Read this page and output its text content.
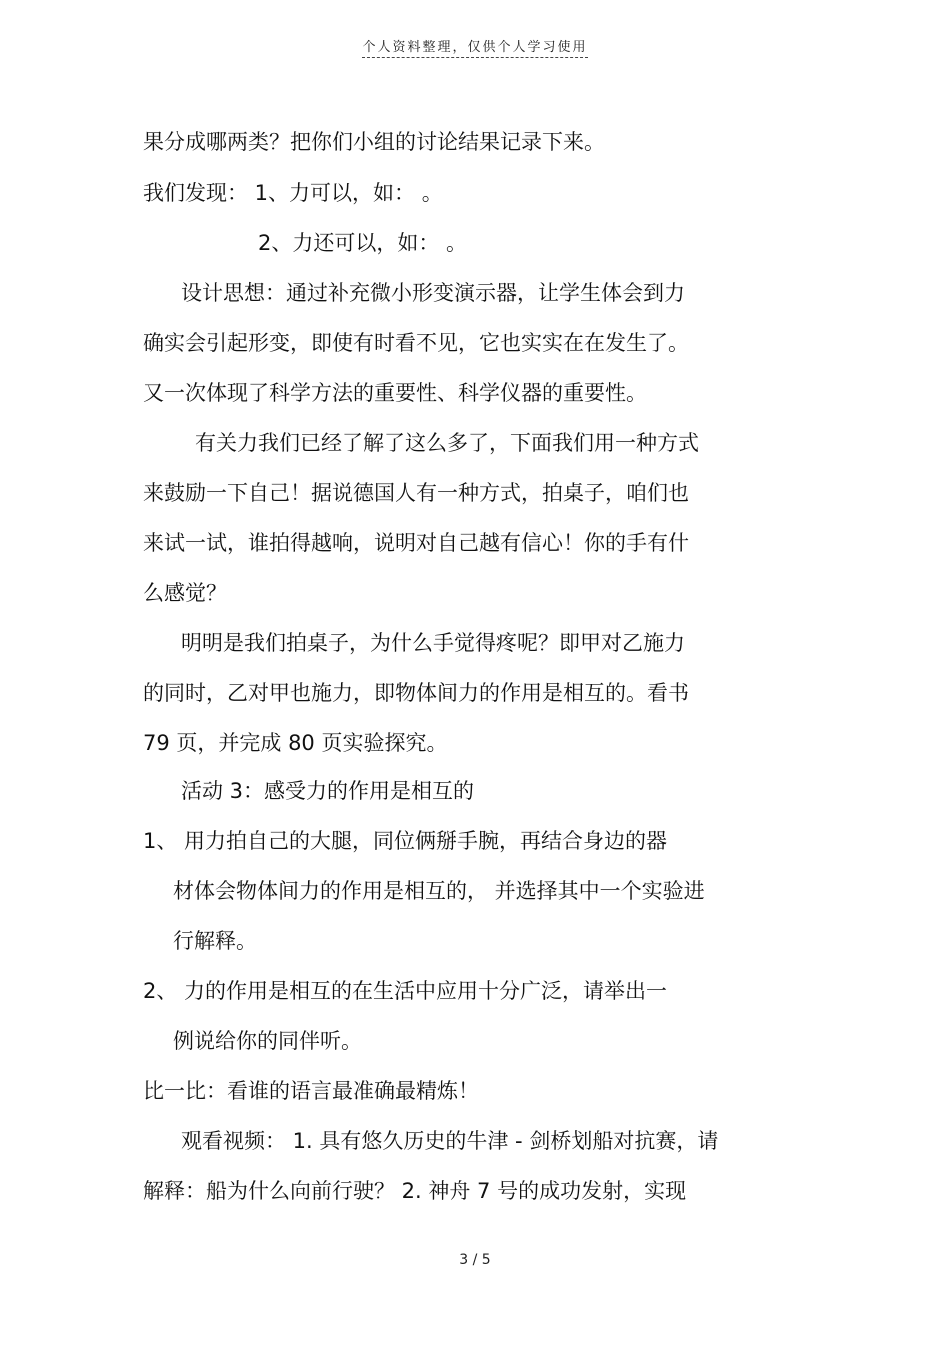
个人资料整理，仅供个人学习使用
果分成哪两类？把你们小组的讨论结果记录下来。
我们发现： 1、力可以，如： 。
2、力还可以，如： 。
设计思想：通过补充微小形变演示器，让学生体会到力
确实会引起形变，即使有时看不见，它也实实在在发生了。
又一次体现了科学方法的重要性、科学仪器的重要性。
有关力我们已经了解了这么多了，下面我们用一种方式
来鼓励一下自己！据说德国人有一种方式，拍桌子，咱们也
来试一试，谁拍得越响，说明对自己越有信心！你的手有什
么感觉？
明明是我们拍桌子，为什么手觉得疼呢？即甲对乙施力
的同时，乙对甲也施力，即物体间力的作用是相互的。看书
79 页，并完成 80 页实验探究。
活动 3：感受力的作用是相互的
1、 用力拍自己的大腿，同位俩掰手腕，再结合身边的器
材体会物体间力的作用是相互的， 并选择其中一个实验进
行解释。
2、 力的作用是相互的在生活中应用十分广泛，请举出一
例说给你的同伴听。
比一比：看谁的语言最准确最精炼！
观看视频： 1. 具有悠久历史的牛津 - 剑桥划船对抗赛，请
解释：船为什么向前行驶？ 2. 神舟 7 号的成功发射，实现
3 / 5
